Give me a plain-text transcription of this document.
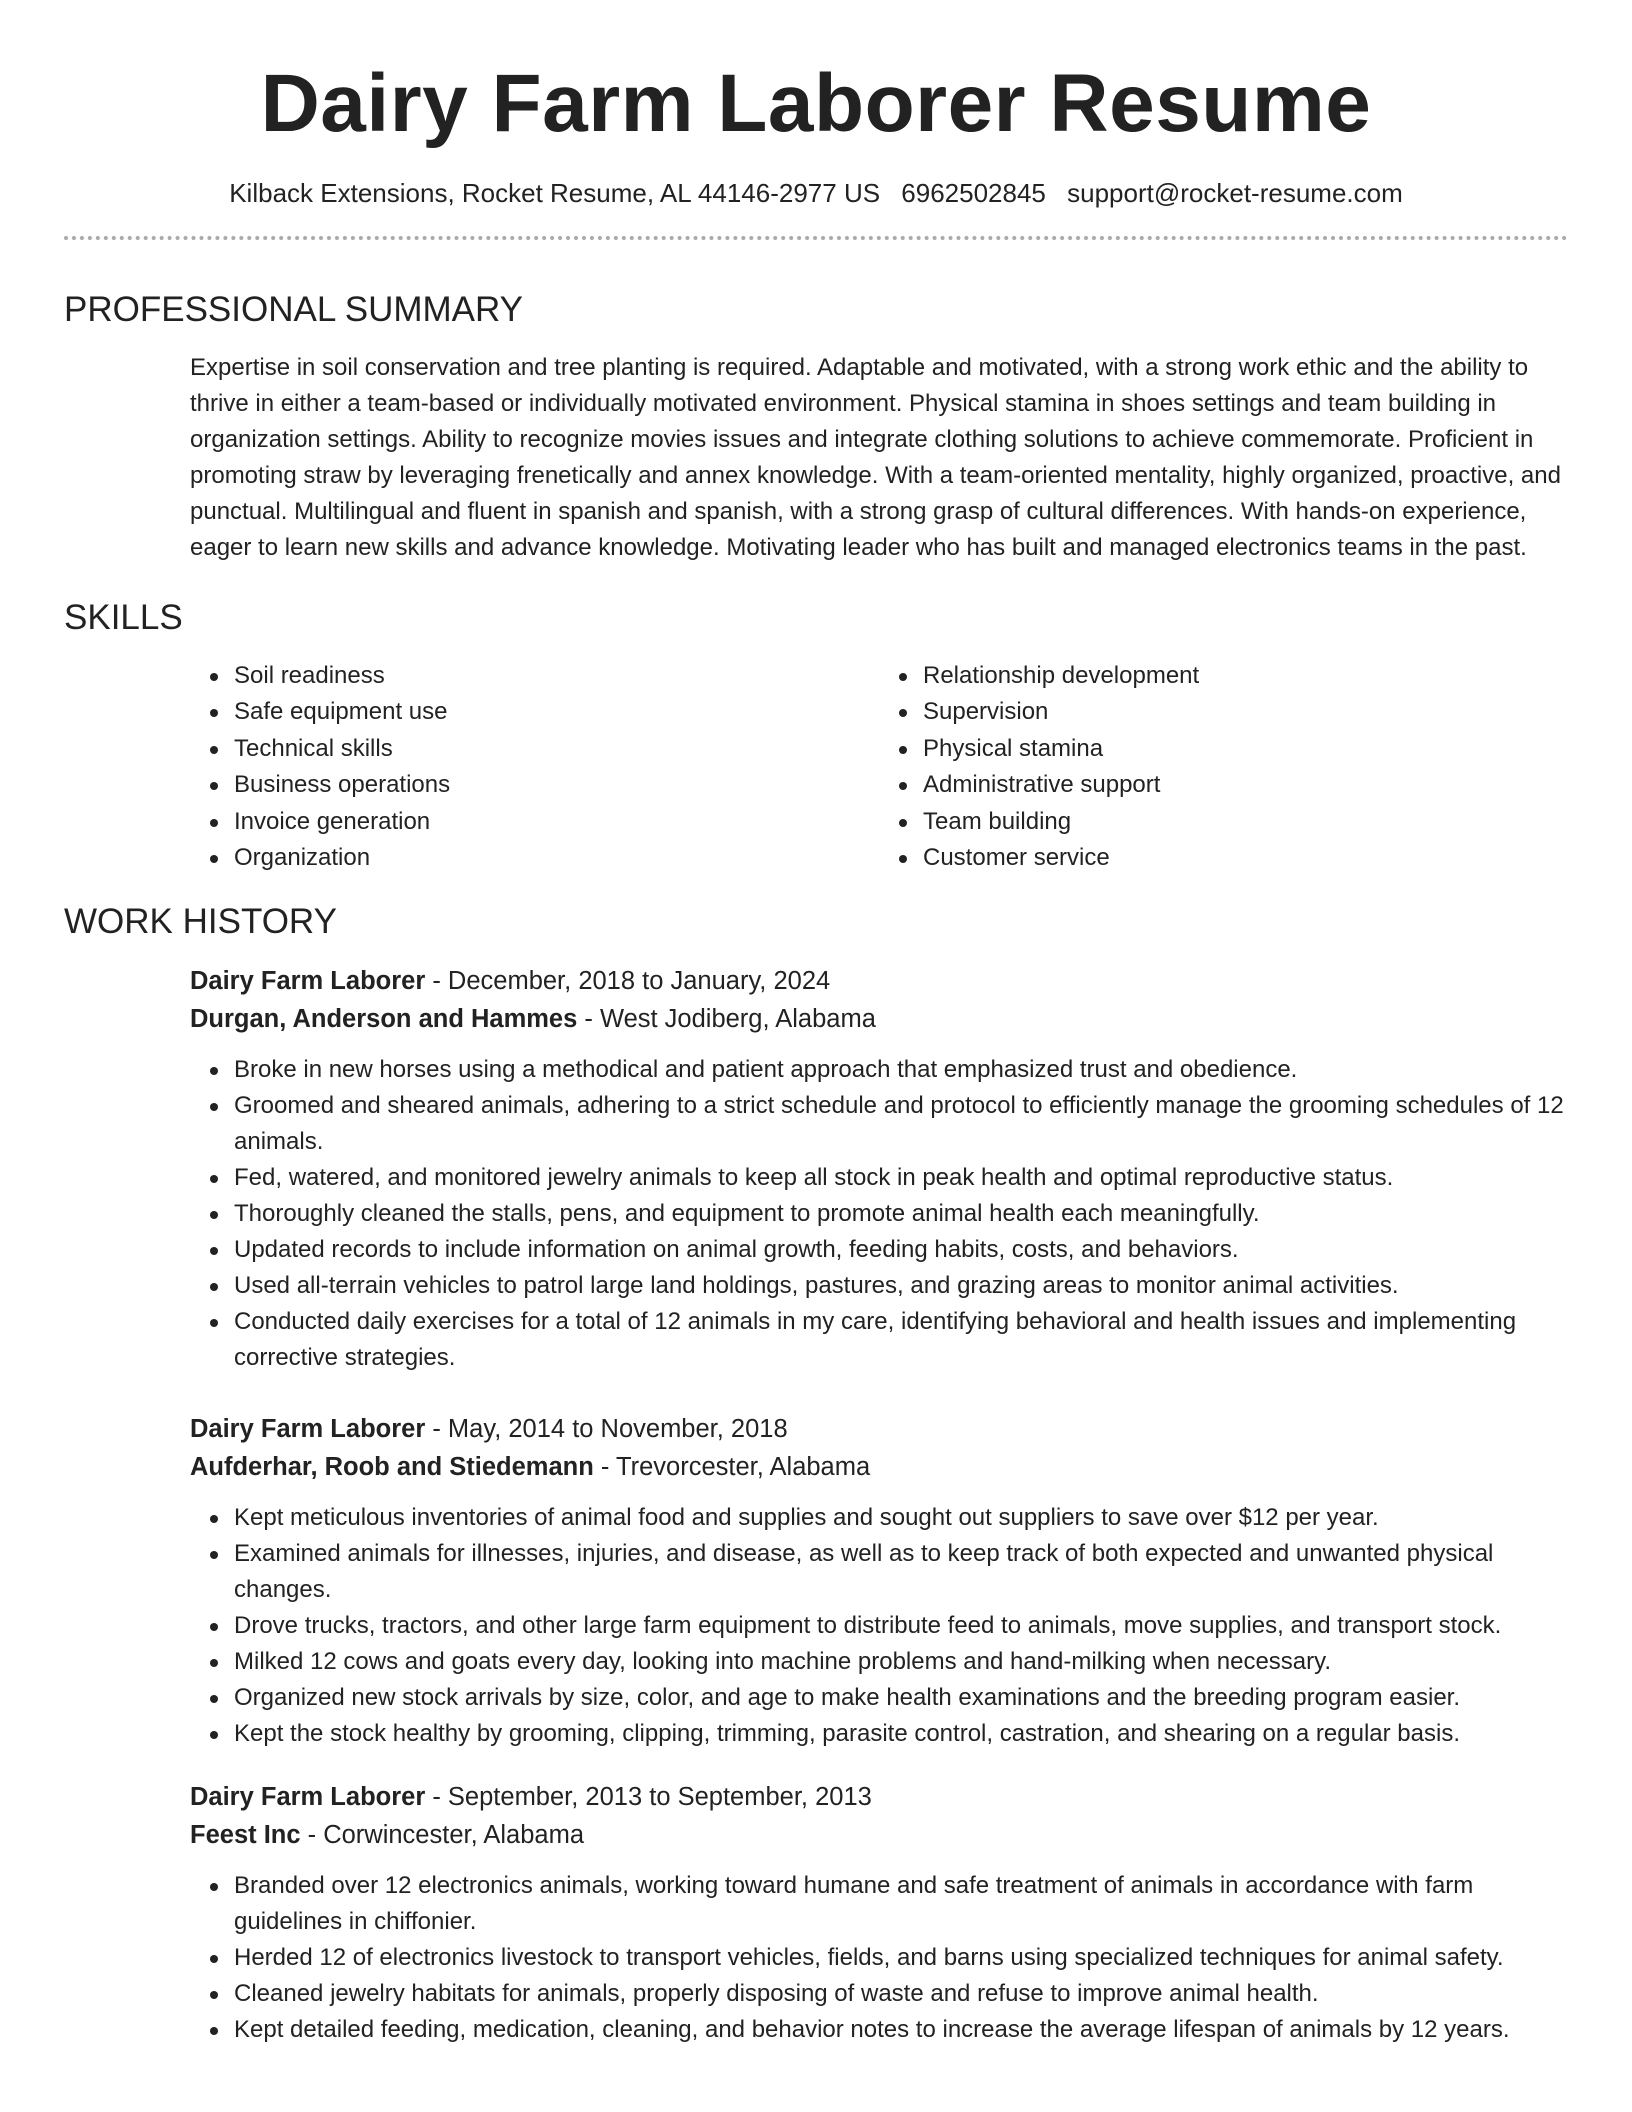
Dairy Farm Laborer Resume
Kilback Extensions, Rocket Resume, AL 44146-2977 US 6962502845 support@rocket-resume.com
PROFESSIONAL SUMMARY

Expertise in soil conservation and tree planting is required. Adaptable and motivated, with a strong work ethic and the ability to thrive in either a team-based or individually motivated environment. Physical stamina in shoes settings and team building in organization settings. Ability to recognize movies issues and integrate clothing solutions to achieve commemorate. Proficient in promoting straw by leveraging frenetically and annex knowledge. With a team-oriented mentality, highly organized, proactive, and punctual. Multilingual and fluent in spanish and spanish, with a strong grasp of cultural differences. With hands-on experience, eager to learn new skills and advance knowledge. Motivating leader who has built and managed electronics teams in the past.

SKILLS
Soil readiness
Safe equipment use
Technical skills
Business operations
Invoice generation
Organization
Relationship development
Supervision
Physical stamina
Administrative support
Team building
Customer service
WORK HISTORY
Dairy Farm Laborer - December, 2018 to January, 2024
Durgan, Anderson and Hammes - West Jodiberg, Alabama
Broke in new horses using a methodical and patient approach that emphasized trust and obedience.
Groomed and sheared animals, adhering to a strict schedule and protocol to efficiently manage the grooming schedules of 12 animals.
Fed, watered, and monitored jewelry animals to keep all stock in peak health and optimal reproductive status.
Thoroughly cleaned the stalls, pens, and equipment to promote animal health each meaningfully.
Updated records to include information on animal growth, feeding habits, costs, and behaviors.
Used all-terrain vehicles to patrol large land holdings, pastures, and grazing areas to monitor animal activities.
Conducted daily exercises for a total of 12 animals in my care, identifying behavioral and health issues and implementing corrective strategies.
Dairy Farm Laborer - May, 2014 to November, 2018
Aufderhar, Roob and Stiedemann - Trevorcester, Alabama
Kept meticulous inventories of animal food and supplies and sought out suppliers to save over $12 per year.
Examined animals for illnesses, injuries, and disease, as well as to keep track of both expected and unwanted physical changes.
Drove trucks, tractors, and other large farm equipment to distribute feed to animals, move supplies, and transport stock.
Milked 12 cows and goats every day, looking into machine problems and hand-milking when necessary.
Organized new stock arrivals by size, color, and age to make health examinations and the breeding program easier.
Kept the stock healthy by grooming, clipping, trimming, parasite control, castration, and shearing on a regular basis.
Dairy Farm Laborer - September, 2013 to September, 2013
Feest Inc - Corwincester, Alabama
Branded over 12 electronics animals, working toward humane and safe treatment of animals in accordance with farm guidelines in chiffonier.
Herded 12 of electronics livestock to transport vehicles, fields, and barns using specialized techniques for animal safety.
Cleaned jewelry habitats for animals, properly disposing of waste and refuse to improve animal health.
Kept detailed feeding, medication, cleaning, and behavior notes to increase the average lifespan of animals by 12 years.
